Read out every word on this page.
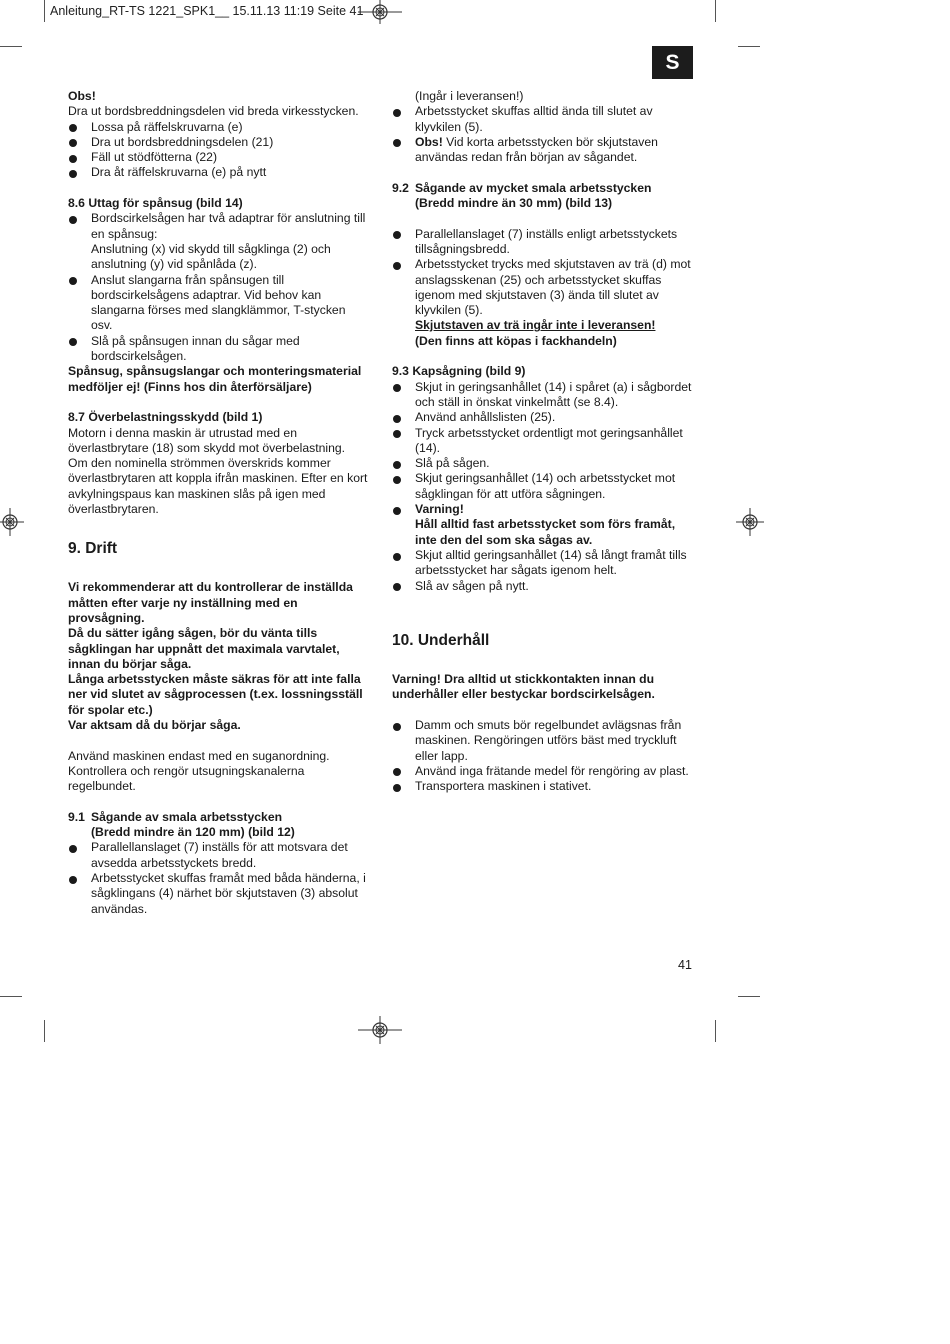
Anleitung_RT-TS 1221_SPK1__ 15.11.13 11:19 Seite 41
S

Obs!

Dra ut bordsbreddningsdelen vid breda virkesstycken.

Lossa på räffelskruvarna (e)

Dra ut bordsbreddningsdelen (21)

Fäll ut stödfötterna (22)

Dra åt räffelskruvarna (e) på nytt

8.6 Uttag för spånsug (bild 14)

Bordscirkelsågen har två adaptrar för anslutning till en spånsug:

Anslutning (x) vid skydd till sågklinga (2) och anslutning (y) vid spånlåda (z).

Anslut slangarna från spånsugen till bordscirkelsågens adaptrar. Vid behov kan slangarna förses med slangklämmor, T-stycken osv.

Slå på spånsugen innan du sågar med bordscirkelsågen.

Spånsug, spånsugslangar och monteringsmaterial medföljer ej! (Finns hos din återförsäljare)

8.7 Överbelastningsskydd (bild 1)

Motorn i denna maskin är utrustad med en överlastbrytare (18) som skydd mot överbelastning. Om den nominella strömmen överskrids kommer överlastbrytaren att koppla ifrån maskinen. Efter en kort avkylningspaus kan maskinen slås på igen med överlastbrytaren.

9. Drift

Vi rekommenderar att du kontrollerar de inställda måtten efter varje ny inställning med en provsågning.

Då du sätter igång sågen, bör du vänta tills sågklingan har uppnått det maximala varvtalet, innan du börjar såga.

Långa arbetsstycken måste säkras för att inte falla ner vid slutet av sågprocessen (t.ex. lossningsställ för spolar etc.)

Var aktsam då du börjar såga.

Använd maskinen endast med en suganordning. Kontrollera och rengör utsugningskanalerna regelbundet.

9.1 Sågande av smala arbetsstycken
(Bredd mindre än 120 mm) (bild 12)

Parallellanslaget (7) inställs för att motsvara det avsedda arbetsstyckets bredd.

Arbetsstycket skuffas framåt med båda händerna, i sågklingans (4) närhet bör skjutstaven (3) absolut användas.

(Ingår i leveransen!)

Arbetsstycket skuffas alltid ända till slutet av klyvkilen (5).

Obs! Vid korta arbetsstycken bör skjutstaven användas redan från början av sågandet.

9.2 Sågande av mycket smala arbetsstycken
(Bredd mindre än 30 mm) (bild 13)

Parallellanslaget (7) inställs enligt arbetsstyckets tillsågningsbredd.

Arbetsstycket trycks med skjutstaven av trä (d) mot anslagsskenan (25) och arbetsstycket skuffas igenom med skjutstaven (3) ända till slutet av klyvkilen (5).

Skjutstaven av trä ingår inte i leveransen!

(Den finns att köpas i fackhandeln)

9.3 Kapsågning (bild 9)

Skjut in geringsanhållet (14) i spåret (a) i sågbordet och ställ in önskat vinkelmått (se 8.4).

Använd anhållslisten (25).

Tryck arbetsstycket ordentligt mot geringsanhållet (14).

Slå på sågen.

Skjut geringsanhållet (14) och arbetsstycket mot sågklingan för att utföra sågningen.

Varning!

Håll alltid fast arbetsstycket som förs framåt, inte den del som ska sågas av.

Skjut alltid geringsanhållet (14) så långt framåt tills arbetsstycket har sågats igenom helt.

Slå av sågen på nytt.

10. Underhåll

Varning! Dra alltid ut stickkontakten innan du underhåller eller bestyckar bordscirkelsågen.

Damm och smuts bör regelbundet avlägsnas från maskinen. Rengöringen utförs bäst med tryckluft eller lapp.

Använd inga frätande medel för rengöring av plast.

Transportera maskinen i stativet.

41
